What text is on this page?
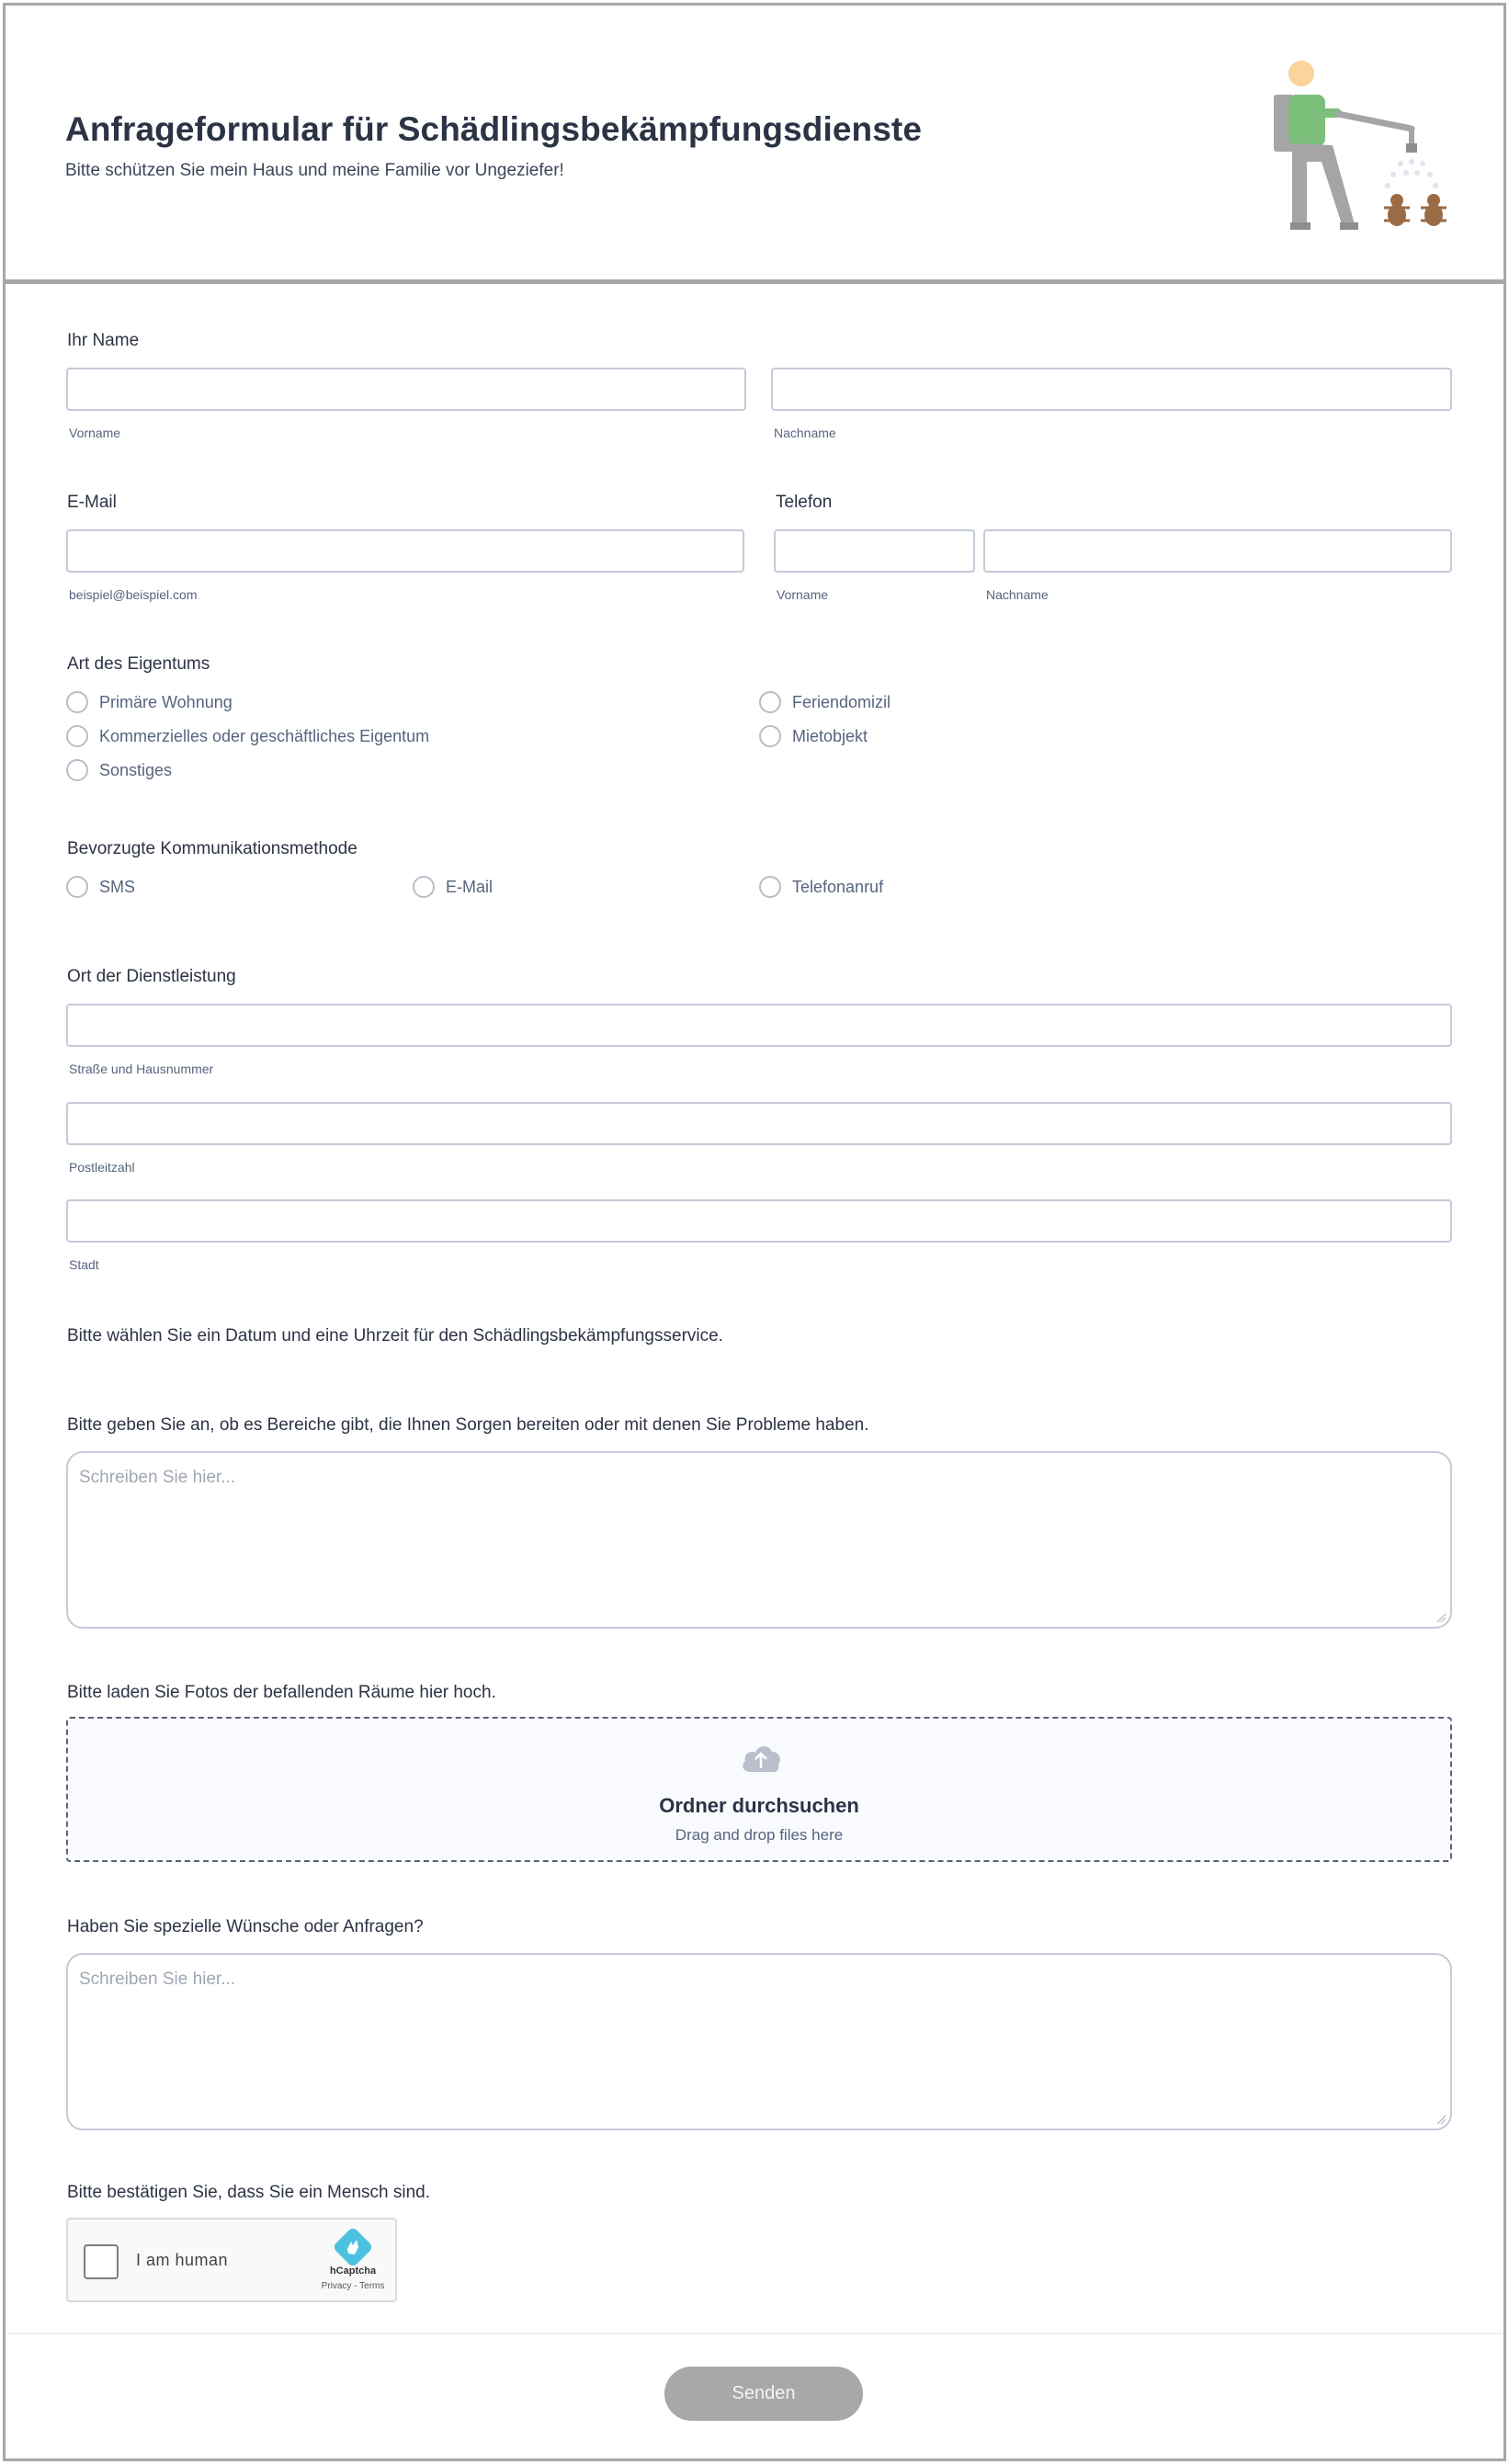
Anfrageformular für Schädlingsbekämpfungsdienste
Bitte schützen Sie mein Haus und meine Familie vor Ungeziefer!
Ihr Name
Vorname	Nachname
E-Mail
beispiel@beispiel.com
Telefon
Vorname	Nachname
Art des Eigentums
Primäre Wohnung	Feriendomizil
Kommerzielles oder geschäftliches Eigentum	Mietobjekt
Sonstiges
Bevorzugte Kommunikationsmethode
SMS	E-Mail	Telefonanruf
Ort der Dienstleistung
Straße und Hausnummer
Postleitzahl
Stadt
Bitte wählen Sie ein Datum und eine Uhrzeit für den Schädlingsbekämpfungsservice.
Bitte geben Sie an, ob es Bereiche gibt, die Ihnen Sorgen bereiten oder mit denen Sie Probleme haben.
Schreiben Sie hier...
Bitte laden Sie Fotos der befallenden Räume hier hoch.
Ordner durchsuchen
Drag and drop files here
Haben Sie spezielle Wünsche oder Anfragen?
Schreiben Sie hier...
Bitte bestätigen Sie, dass Sie ein Mensch sind.
I am human
hCaptcha
Privacy - Terms
Senden
